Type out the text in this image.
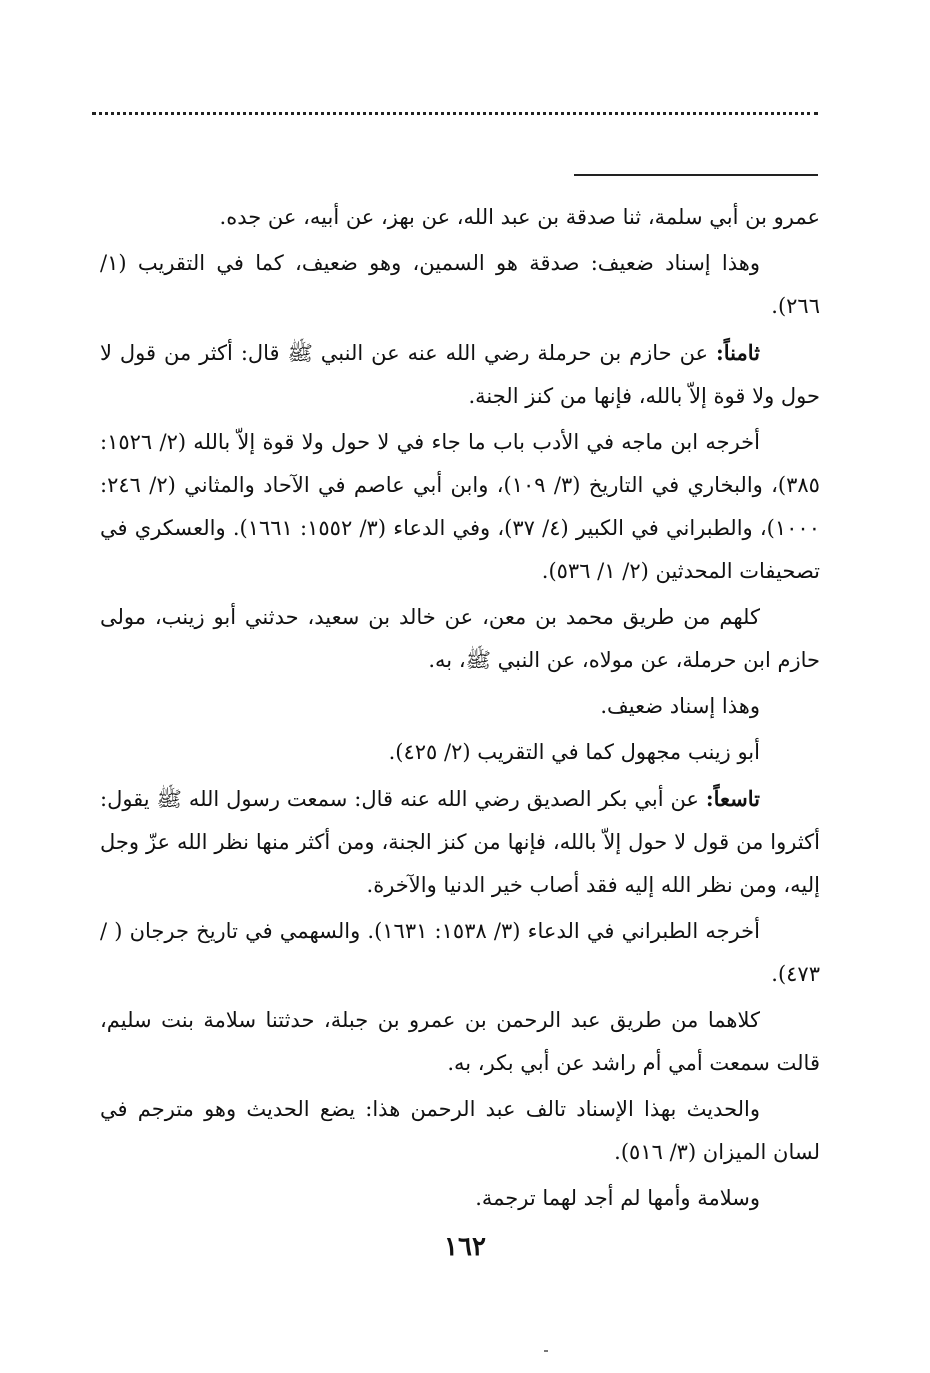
عمرو بن أبي سلمة، ثنا صدقة بن عبد الله، عن بهز، عن أبيه، عن جده.

وهذا إسناد ضعيف: صدقة هو السمين، وهو ضعيف، كما في التقريب (١/ ٢٦٦).

ثامناً: عن حازم بن حرملة رضي الله عنه عن النبي ﷺ قال: أكثر من قول لا حول ولا قوة إلاّ بالله، فإنها من كنز الجنة.

أخرجه ابن ماجه في الأدب باب ما جاء في لا حول ولا قوة إلاّ بالله (٢/ ١٥٢٦: ٣٨٥)، والبخاري في التاريخ (٣/ ١٠٩)، وابن أبي عاصم في الآحاد والمثاني (٢/ ٢٤٦: ١٠٠٠)، والطبراني في الكبير (٤/ ٣٧)، وفي الدعاء (٣/ ١٥٥٢: ١٦٦١). والعسكري في تصحيفات المحدثين (٢/ ١/ ٥٣٦).

كلهم من طريق محمد بن معن، عن خالد بن سعيد، حدثني أبو زينب، مولى حازم ابن حرملة، عن مولاه، عن النبي ﷺ، به.

وهذا إسناد ضعيف.

أبو زينب مجهول كما في التقريب (٢/ ٤٢٥).

تاسعاً: عن أبي بكر الصديق رضي الله عنه قال: سمعت رسول الله ﷺ يقول: أكثروا من قول لا حول إلاّ بالله، فإنها من كنز الجنة، ومن أكثر منها نظر الله عزّ وجل إليه، ومن نظر الله إليه فقد أصاب خير الدنيا والآخرة.

أخرجه الطبراني في الدعاء (٣/ ١٥٣٨: ١٦٣١). والسهمي في تاريخ جرجان ( / ٤٧٣).

كلاهما من طريق عبد الرحمن بن عمرو بن جبلة، حدثتنا سلامة بنت سليم، قالت سمعت أمي أم راشد عن أبي بكر، به.

والحديث بهذا الإسناد تالف عبد الرحمن هذا: يضع الحديث وهو مترجم في لسان الميزان (٣/ ٥١٦).

وسلامة وأمها لم أجد لهما ترجمة.

١٦٢
